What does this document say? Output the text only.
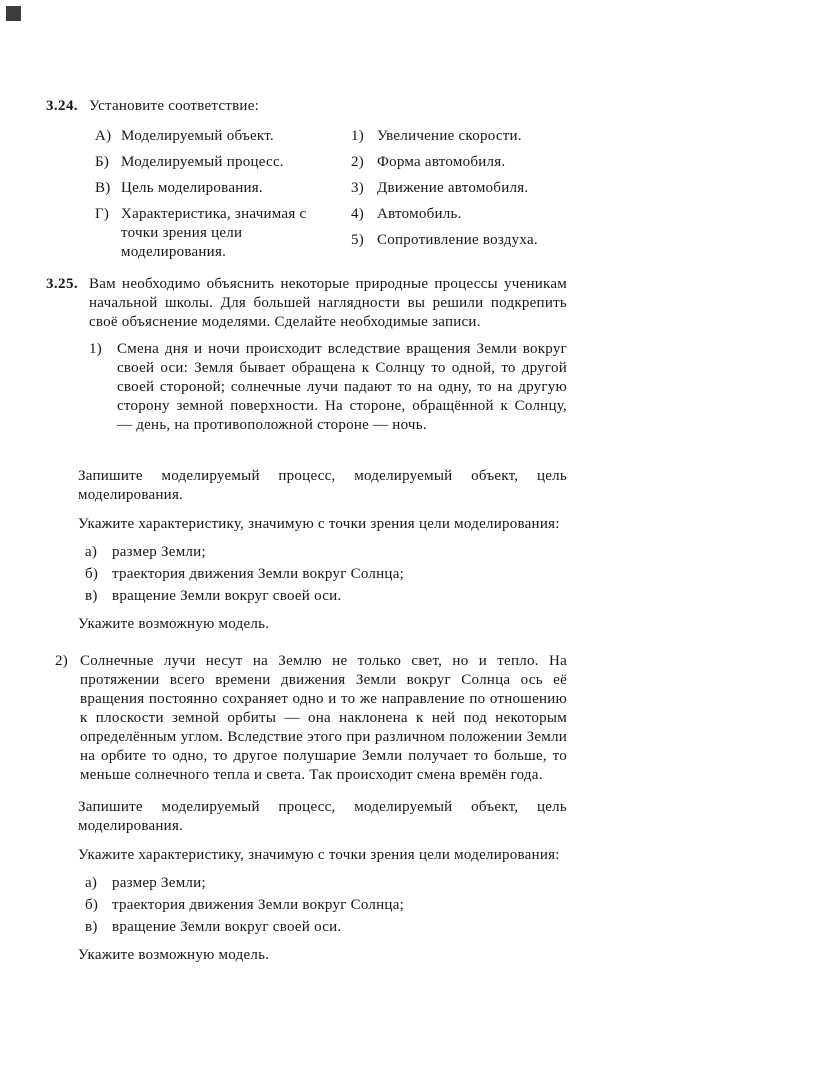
3.24. Установите соответствие:

А) Моделируемый объект.
Б) Моделируемый процесс.
В) Цель моделирования.
Г) Характеристика, значимая с точки зрения цели моделирования.
1) Увеличение скорости.
2) Форма автомобиля.
3) Движение автомобиля.
4) Автомобиль.
5) Сопротивление воздуха.
3.25. Вам необходимо объяснить некоторые природные процессы ученикам начальной школы. Для большей наглядности вы решили подкрепить своё объяснение моделями. Сделайте необходимые записи.

1) Смена дня и ночи происходит вследствие вращения Земли вокруг своей оси: Земля бывает обращена к Солнцу то одной, то другой своей стороной; солнечные лучи падают то на одну, то на другую сторону земной поверхности. На стороне, обращённой к Солнцу, — день, на противоположной стороне — ночь.

Запишите моделируемый процесс, моделируемый объект, цель моделирования.

Укажите характеристику, значимую с точки зрения цели моделирования:

а) размер Земли;
б) траектория движения Земли вокруг Солнца;
в) вращение Земли вокруг своей оси.

Укажите возможную модель.

2) Солнечные лучи несут на Землю не только свет, но и тепло. На протяжении всего времени движения Земли вокруг Солнца ось её вращения постоянно сохраняет одно и то же направление по отношению к плоскости земной орбиты — она наклонена к ней под некоторым определённым углом. Вследствие этого при различном положении Земли на орбите то одно, то другое полушарие Земли получает то больше, то меньше солнечного тепла и света. Так происходит смена времён года.

Запишите моделируемый процесс, моделируемый объект, цель моделирования.

Укажите характеристику, значимую с точки зрения цели моделирования:

а) размер Земли;
б) траектория движения Земли вокруг Солнца;
в) вращение Земли вокруг своей оси.

Укажите возможную модель.
